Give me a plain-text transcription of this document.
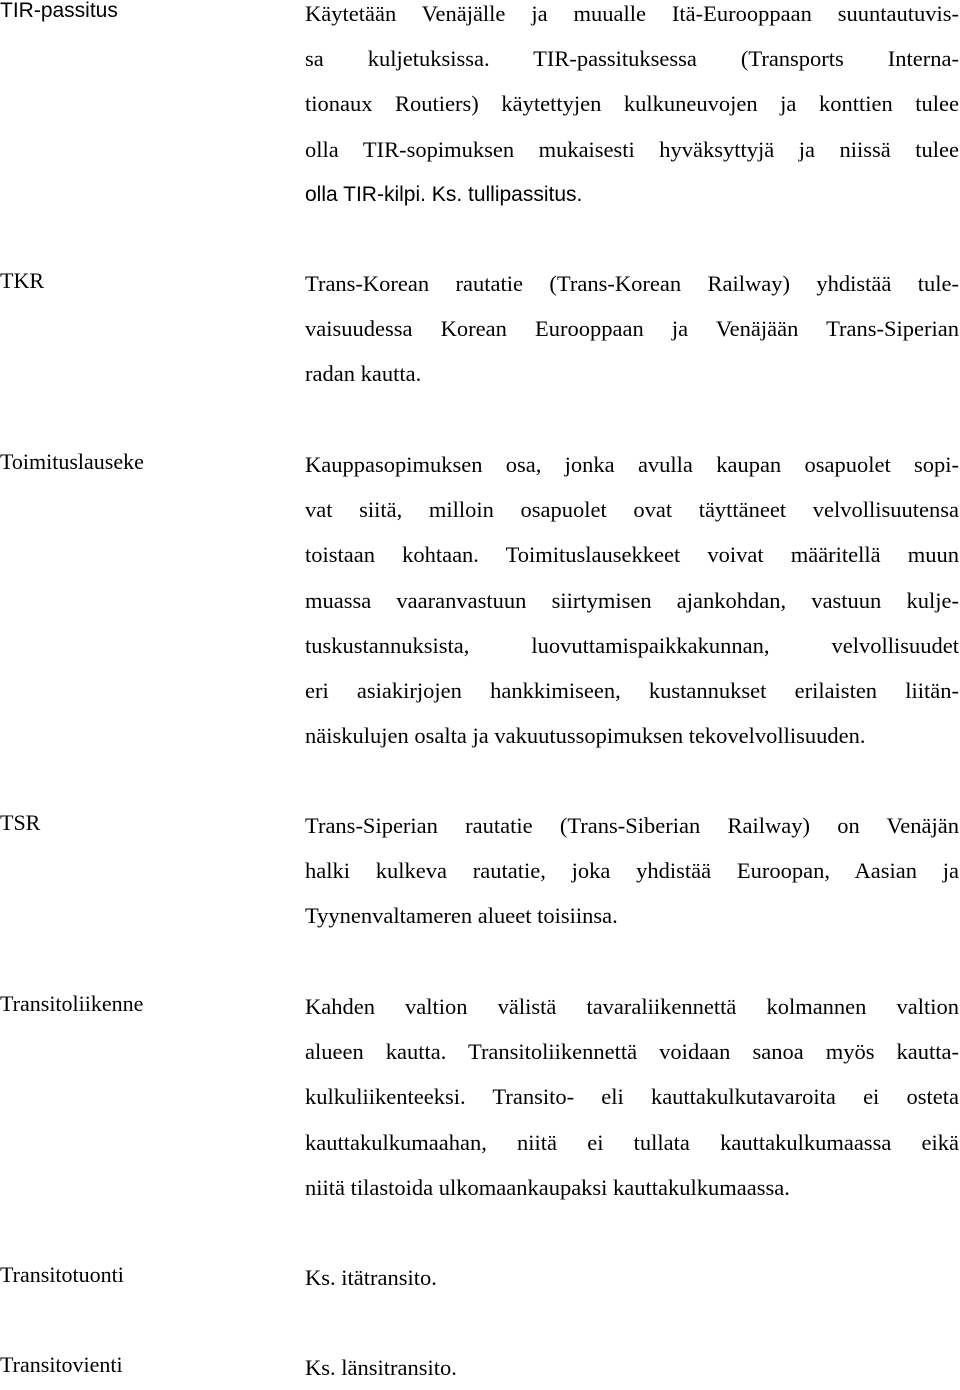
TIR-passitus	Käytetään Venäjälle ja muualle Itä-Eurooppaan suuntautuvis-
sa kuljetuksissa. TIR-passituksessa (Transports Interna-
tionaux Routiers) käytettyjen kulkuneuvojen ja konttien tulee
olla TIR-sopimuksen mukaisesti hyväksyttyjä ja niissä tulee
olla TIR-kilpi. Ks. tullipassitus.

TKR	Trans-Korean rautatie (Trans-Korean Railway) yhdistää tule-
vaisuudessa Korean Eurooppaan ja Venäjään Trans-Siperian
radan kautta.

Toimituslauseke	Kauppasopimuksen osa, jonka avulla kaupan osapuolet sopi-
vat siitä, milloin osapuolet ovat täyttäneet velvollisuutensa
toistaan kohtaan. Toimituslausekkeet voivat määritellä muun
muassa vaaranvastuun siirtymisen ajankohdan, vastuun kulje-
tuskustannuksista, luovuttamispaikkakunnan, velvollisuudet
eri asiakirjojen hankkimiseen, kustannukset erilaisten liitän-
näiskulujen osalta ja vakuutussopimuksen tekovelvollisuuden.

TSR	Trans-Siperian rautatie (Trans-Siberian Railway) on Venäjän
halki kulkeva rautatie, joka yhdistää Euroopan, Aasian ja
Tyynenvaltameren alueet toisiinsa.

Transitoliikenne	Kahden valtion välistä tavaraliikennettä kolmannen valtion
alueen kautta. Transitoliikennettä voidaan sanoa myös kautta-
kulkuliikenteeksi. Transito- eli kauttakulkutavaroita ei osteta
kauttakulkumaahan, niitä ei tullata kauttakulkumaassa eikä
niitä tilastoida ulkomaankaupaksi kauttakulkumaassa.

Transitotuonti	Ks. itätransito.

Transitovienti	Ks. länsitransito.
